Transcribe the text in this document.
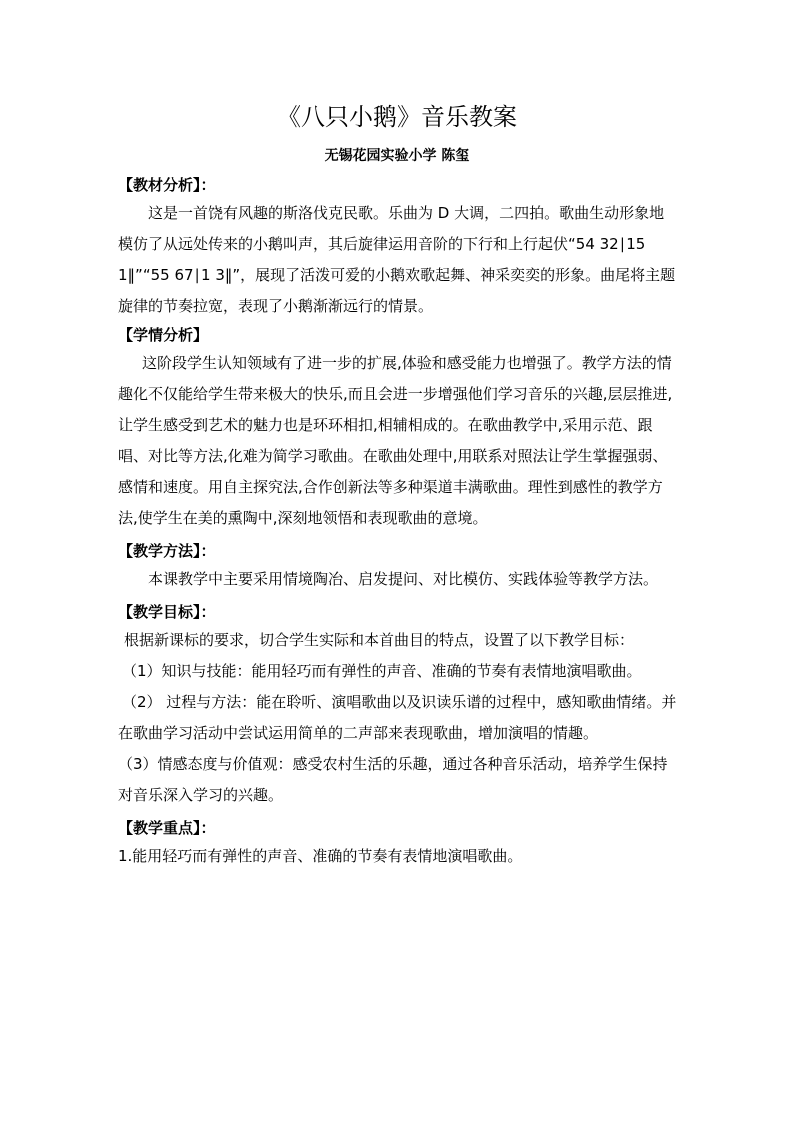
《八只小鹅》音乐教案
无锡花园实验小学 陈玺
【教材分析】：

这是一首饶有风趣的斯洛伐克民歌。乐曲为 D 大调，二四拍。歌曲生动形象地模仿了从远处传来的小鹅叫声，其后旋律运用音阶的下行和上行起伏“54 32∣15 1‖”“55 67∣1 3‖”，展现了活泼可爱的小鹅欢歌起舞、神采奕奕的形象。曲尾将主题旋律的节奏拉宽，表现了小鹅渐渐远行的情景。

【学情分析】

这阶段学生认知领域有了进一步的扩展,体验和感受能力也增强了。教学方法的情趣化不仅能给学生带来极大的快乐,而且会进一步增强他们学习音乐的兴趣,层层推进,让学生感受到艺术的魅力也是环环相扣,相辅相成的。在歌曲教学中,采用示范、跟唱、对比等方法,化难为简学习歌曲。在歌曲处理中,用联系对照法让学生掌握强弱、感情和速度。用自主探究法,合作创新法等多种渠道丰满歌曲。理性到感性的教学方法,使学生在美的熏陶中,深刻地领悟和表现歌曲的意境。

【教学方法】：

本课教学中主要采用情境陶冶、启发提问、对比模仿、实践体验等教学方法。

【教学目标】：

根据新课标的要求，切合学生实际和本首曲目的特点，设置了以下教学目标：

（1）知识与技能：能用轻巧而有弹性的声音、准确的节奏有表情地演唱歌曲。

（2） 过程与方法：能在聆听、演唱歌曲以及识读乐谱的过程中，感知歌曲情绪。并在歌曲学习活动中尝试运用简单的二声部来表现歌曲，增加演唱的情趣。

（3）情感态度与价值观：感受农村生活的乐趣，通过各种音乐活动，培养学生保持对音乐深入学习的兴趣。

【教学重点】：

1.能用轻巧而有弹性的声音、准确的节奏有表情地演唱歌曲。
